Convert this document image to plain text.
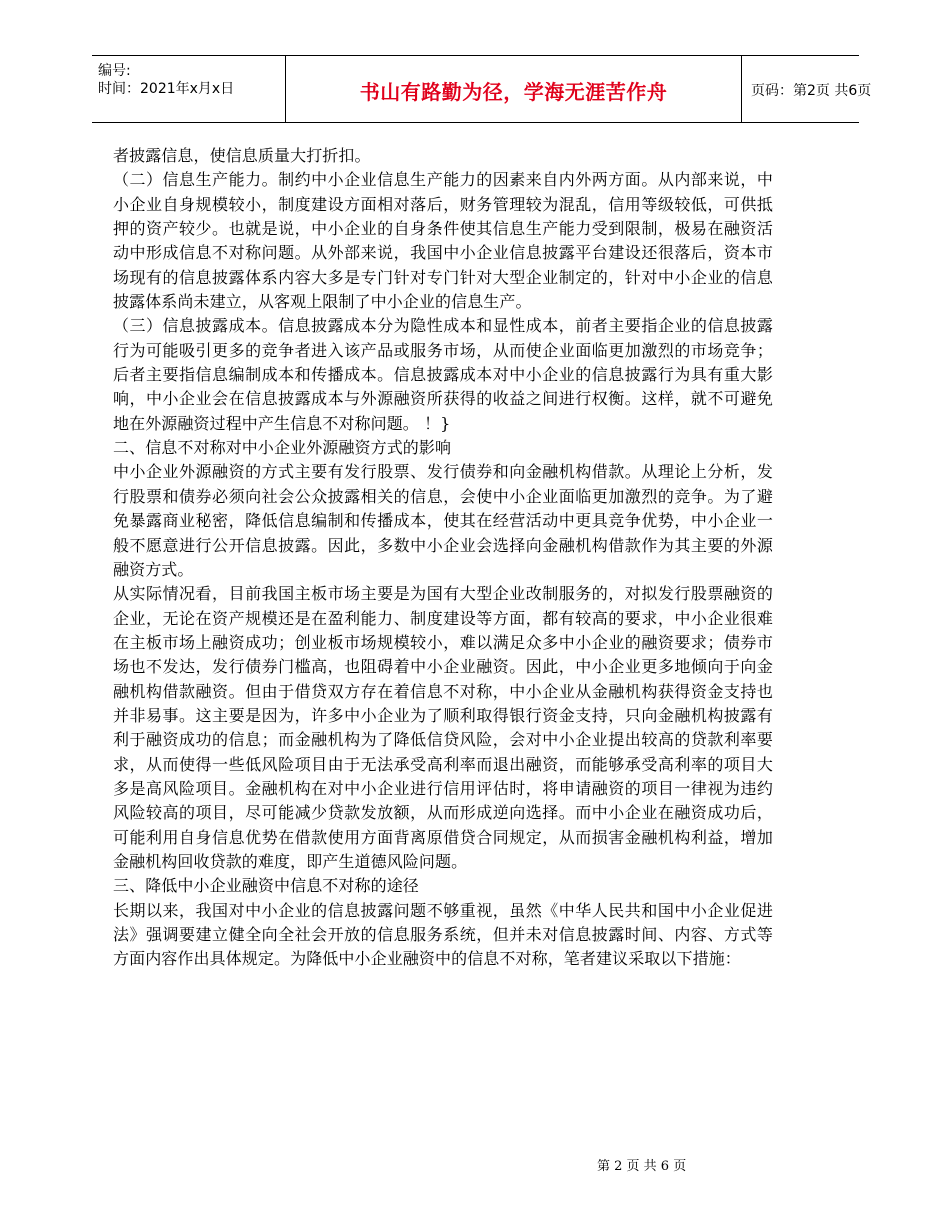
编号:
时间：2021年x月x日	书山有路勤为径，学海无涯苦作舟	页码：第2页 共6页

者披露信息，使信息质量大打折扣。

（二）信息生产能力。制约中小企业信息生产能力的因素来自内外两方面。从内部来说，中小企业自身规模较小，制度建设方面相对落后，财务管理较为混乱，信用等级较低，可供抵押的资产较少。也就是说，中小企业的自身条件使其信息生产能力受到限制，极易在融资活动中形成信息不对称问题。从外部来说，我国中小企业信息披露平台建设还很落后，资本市场现有的信息披露体系内容大多是专门针对专门针对大型企业制定的，针对中小企业的信息披露体系尚未建立，从客观上限制了中小企业的信息生产。

（三）信息披露成本。信息披露成本分为隐性成本和显性成本，前者主要指企业的信息披露行为可能吸引更多的竞争者进入该产品或服务市场，从而使企业面临更加激烈的市场竞争；后者主要指信息编制成本和传播成本。信息披露成本对中小企业的信息披露行为具有重大影响，中小企业会在信息披露成本与外源融资所获得的收益之间进行权衡。这样，就不可避免地在外源融资过程中产生信息不对称问题。 ！}

二、信息不对称对中小企业外源融资方式的影响

中小企业外源融资的方式主要有发行股票、发行债券和向金融机构借款。从理论上分析，发行股票和债券必须向社会公众披露相关的信息，会使中小企业面临更加激烈的竞争。为了避免暴露商业秘密，降低信息编制和传播成本，使其在经营活动中更具竞争优势，中小企业一般不愿意进行公开信息披露。因此，多数中小企业会选择向金融机构借款作为其主要的外源融资方式。

从实际情况看，目前我国主板市场主要是为国有大型企业改制服务的，对拟发行股票融资的企业，无论在资产规模还是在盈利能力、制度建设等方面，都有较高的要求，中小企业很难在主板市场上融资成功；创业板市场规模较小，难以满足众多中小企业的融资要求；债券市场也不发达，发行债券门槛高，也阻碍着中小企业融资。因此，中小企业更多地倾向于向金融机构借款融资。但由于借贷双方存在着信息不对称，中小企业从金融机构获得资金支持也并非易事。这主要是因为，许多中小企业为了顺利取得银行资金支持，只向金融机构披露有利于融资成功的信息；而金融机构为了降低信贷风险，会对中小企业提出较高的贷款利率要求，从而使得一些低风险项目由于无法承受高利率而退出融资，而能够承受高利率的项目大多是高风险项目。金融机构在对中小企业进行信用评估时，将申请融资的项目一律视为违约风险较高的项目，尽可能减少贷款发放额，从而形成逆向选择。而中小企业在融资成功后，可能利用自身信息优势在借款使用方面背离原借贷合同规定，从而损害金融机构利益，增加金融机构回收贷款的难度，即产生道德风险问题。

三、降低中小企业融资中信息不对称的途径

长期以来，我国对中小企业的信息披露问题不够重视，虽然《中华人民共和国中小企业促进法》强调要建立健全向全社会开放的信息服务系统，但并未对信息披露时间、内容、方式等方面内容作出具体规定。为降低中小企业融资中的信息不对称，笔者建议采取以下措施：

第 2 页 共 6 页
